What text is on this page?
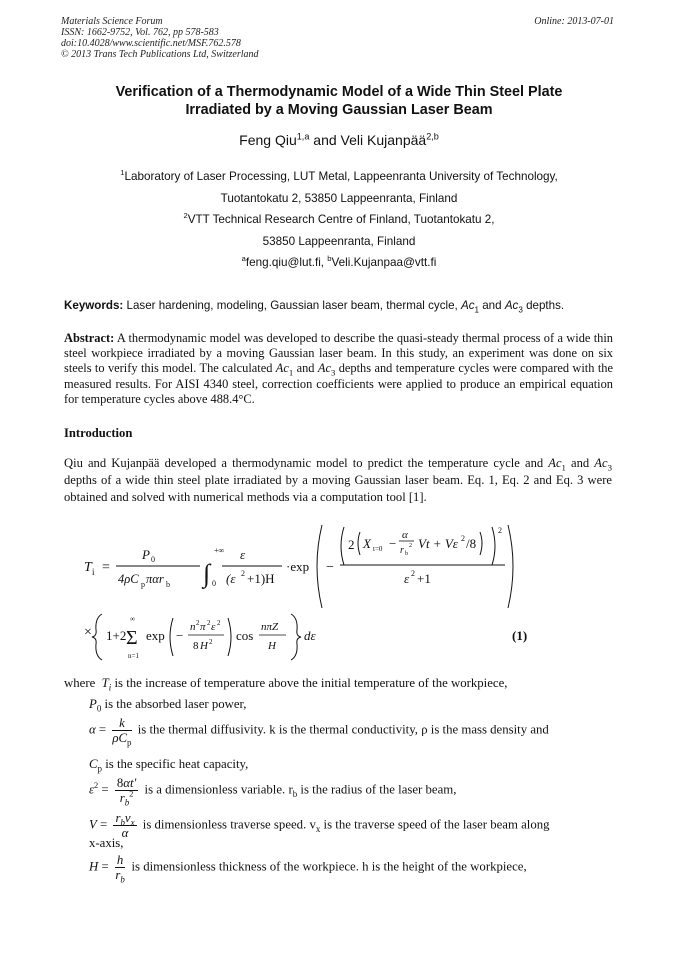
Materials Science Forum
ISSN: 1662-9752, Vol. 762, pp 578-583
doi:10.4028/www.scientific.net/MSF.762.578
© 2013 Trans Tech Publications Ltd, Switzerland
Online: 2013-07-01
Verification of a Thermodynamic Model of a Wide Thin Steel Plate
Irradiated by a Moving Gaussian Laser Beam
Feng Qiu$^{1,a}$ and Veli Kujanpää$^{2,b}$
$^1$Laboratory of Laser Processing, LUT Metal, Lappeenranta University of Technology,
Tuotantokatu 2, 53850 Lappeenranta, Finland
$^2$VTT Technical Research Centre of Finland, Tuotantokatu 2,
53850 Lappeenranta, Finland
$^a$feng.qiu@lut.fi, $^b$Veli.Kujanpaa@vtt.fi
Keywords: Laser hardening, modeling, Gaussian laser beam, thermal cycle, $Ac_1$ and $Ac_3$ depths.
Abstract: A thermodynamic model was developed to describe the quasi-steady thermal process of a wide thin steel workpiece irradiated by a moving Gaussian laser beam. In this study, an experiment was done on six steels to verify this model. The calculated $Ac_1$ and $Ac_3$ depths and temperature cycles were compared with the measured results. For AISI 4340 steel, correction coefficients were applied to produce an empirical equation for temperature cycles above 488.4°C.
Introduction
Qiu and Kujanpää developed a thermodynamic model to predict the temperature cycle and $Ac_1$ and $Ac_3$ depths of a wide thin steel plate irradiated by a moving Gaussian laser beam. Eq. 1, Eq. 2 and Eq. 3 were obtained and solved with numerical methods via a computation tool [1].
T i =
P 0
4ρC p παr b ∫
+∞
0
ε
(ε 2 +1)H
·exp −
2 X t=0 −
α
r b
2 Vt + Vε 2 /8
2
ε 2 +1
× 1+2 Σ
∞
n=1
exp −
n 2 π 2 ε 2
8 H 2 cos
nπZ
H
dε	(1)
where $T_i$ is the increase of temperature above the initial temperature of the workpiece,
$P_0$ is the absorbed laser power,
α = k
$\rho C_p$
is the thermal diffusivity. k is the thermal conductivity, ρ is the mass density and
$C_p$ is the specific heat capacity,
$\varepsilon^2 = \frac{8\alpha t'}{r_b^2}$ is a dimensionless variable. $r_b$ is the radius of the laser beam,
$V = r_bv_x$
α
is dimensionless traverse speed. $v_x$ is the traverse speed of the laser beam along
x-axis,
$H = \frac{h}{r_b}$ is dimensionless thickness of the workpiece. h is the height of the workpiece,
